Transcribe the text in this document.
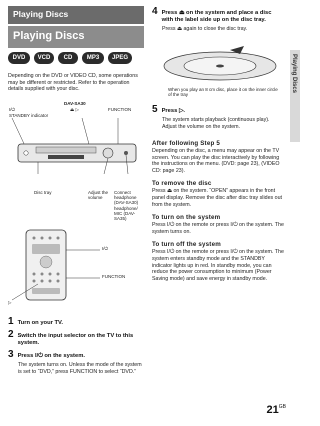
Playing Discs
Playing Discs
DVD	VCD	CD	MP3	JPEG	Playing Discs
Depending on the DVD or VIDEO CD, some operations may be different or restricted. Refer to the operation details supplied with your disc.
DAV-SA30
I/⏻	⏏ ▷	FUNCTION
STANDBY indicator
Disc tray	Adjust the volume
Connect
headphone
(DAV-SA30)
headphone/
MIC (DAV-
SA35)
I/⏻
FUNCTION
▷
1 Turn on your TV.
2 Switch the input selector on the TV to this system.
3 Press I/⏻ on the system.
The system turns on. Unless the mode of the system is set to “DVD,” press FUNCTION to select “DVD.”
4 Press ⏏ on the system and place a disc with the label side up on the disc tray.
Press ⏏ again to close the disc tray.
When you play an 8 cm disc, place it on the inner circle of the tray
5 Press ▷.
The system starts playback (continuous play). Adjust the volume on the system.
After following Step 5
Depending on the disc, a menu may appear on the TV screen. You can play the disc interactively by following the instructions on the menu. (DVD: page 23), (VIDEO CD: page 23).
To remove the disc
Press ⏏ on the system. “OPEN” appears in the front panel display. Remove the disc after disc tray slides out from the system.
To turn on the system
Press I/⏻ on the remote or press I/⏻ on the system. The system turns on.
To turn off the system
Press I/⏻ on the remote or press I/⏻ on the system. The system enters standby mode and the STANDBY indicator lights up in red. In standby mode, you can reduce the power consumption to minimum (Power Saving mode) and save energy in standby mode.
$21^{GB}$
